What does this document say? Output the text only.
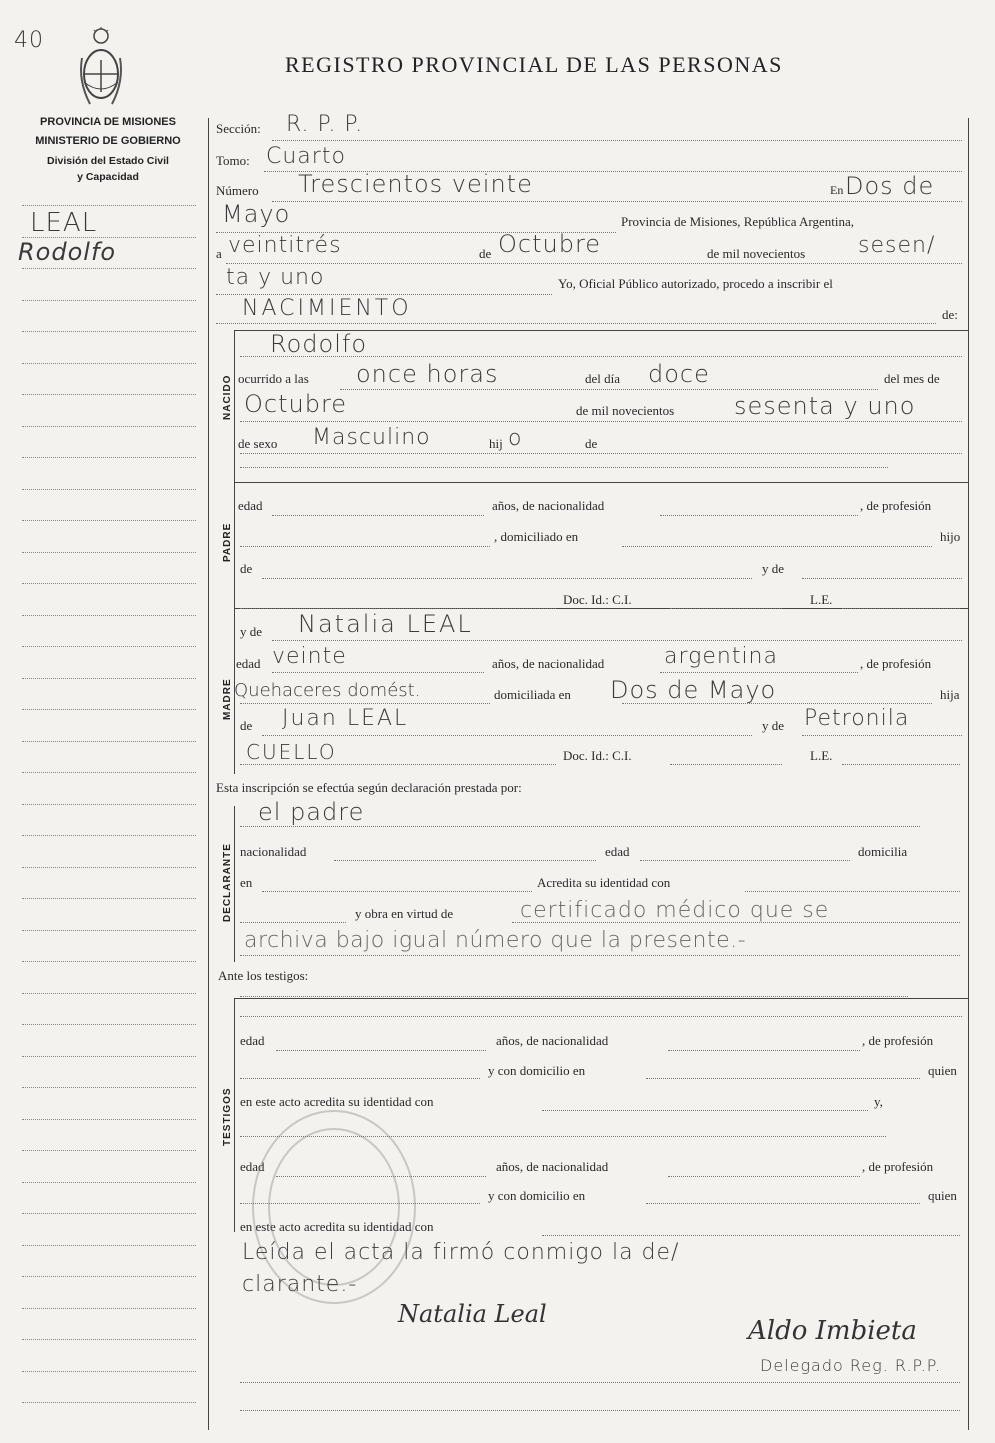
40
PROVINCIA DE MISIONES
MINISTERIO DE GOBIERNO
División del Estado Civil
y Capacidad
REGISTRO PROVINCIAL DE LAS PERSONAS
LEAL
Rodolfo
NACIDO
PADRE
MADRE
DECLARANTE
TESTIGOS
Sección: R. P. P.
Tomo: Cuarto
Número Trescientos veinte	En Dos de
Mayo	Provincia de Misiones, República Argentina,
a veintitrés	de Octubre	de mil novecientos sesen/
ta y uno	Yo, Oficial Público autorizado, procedo a inscribir el
NACIMIENTO	de:
Rodolfo
ocurrido a las once horas	del día doce	del mes de
Octubre	de mil novecientos sesenta y uno
de sexo Masculino	hij o	de
edad	años, de nacionalidad	, de profesión
, domiciliado en	hijo
de	y de
Doc. Id.: C.I.	L.E.
y de Natalia LEAL
edad veinte	años, de nacionalidad	argentina	, de profesión
Quehaceres domést.	domiciliada en Dos de Mayo	hija
de Juan LEAL	y de Petronila
CUELLO	Doc. Id.: C.I.	L.E.
Esta inscripción se efectúa según declaración prestada por:
el padre
nacionalidad	edad	domicilia
en	Acredita su identidad con
y obra en virtud de	certificado médico que se
archiva bajo igual número que la presente.-
Ante los testigos:
edad	años, de nacionalidad	, de profesión
y con domicilio en	quien
en este acto acredita su identidad con	y,
edad	años, de nacionalidad	, de profesión
y con domicilio en	quien
en este acto acredita su identidad con
Leída el acta la firmó conmigo la de/
clarante.-
Natalia Leal
Aldo Imbieta
Delegado Reg. R.P.P.
